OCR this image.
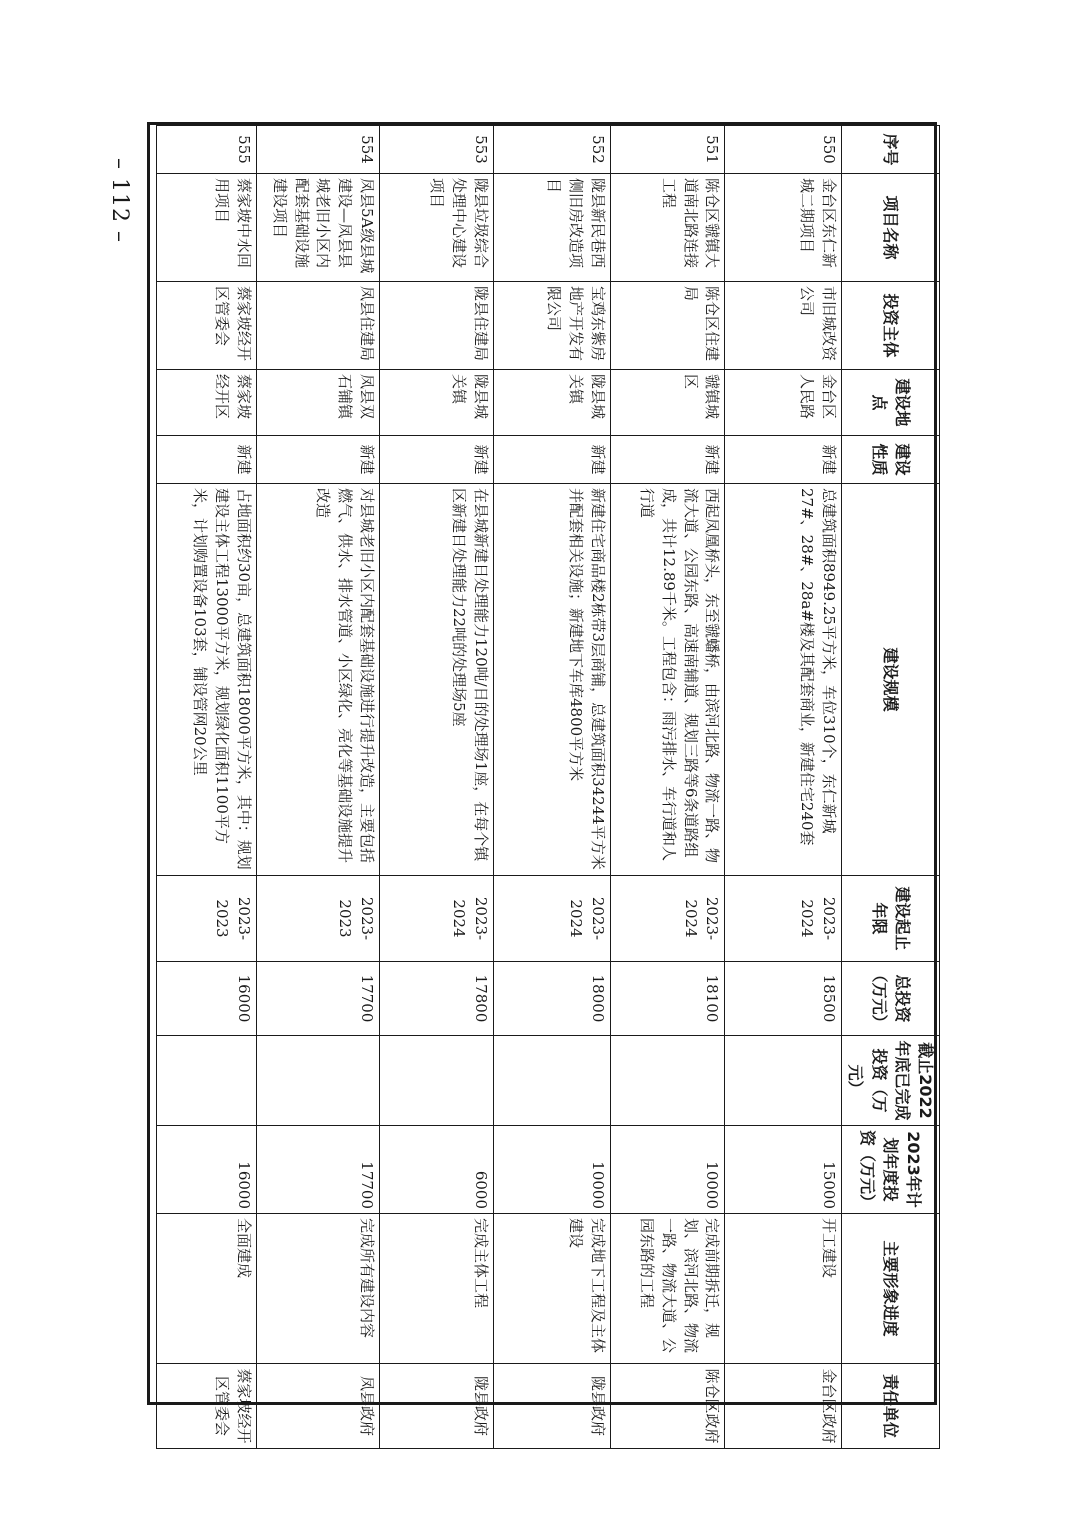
– 112 –
序号	项目名称	投资主体	建设地点	建设性质	建设规模	建设起止年限	总投资（万元）	截止2022年底已完成投资（万元）	2023年计划年度投资（万元）	主要形象进度	责任单位
550	金台区东仁新城二期项目	市旧城改资公司	金台区人民路	新建	总建筑面积8949.25平方米，车位310个，东仁新城27#、28#、28a#楼及其配套商业，新建住宅240套	2023-2024	18500		15000	开工建设	金台区政府
551	陈仓区虢镇大道南北路连接工程	陈仓区住建局	虢镇城区	新建	西起凤凰桥头，东至虢蟠桥，由滨河北路、物流一路、物流大道、公园东路、高速南辅道、规划三路等6条道路组成，共计12.89千米。工程包含：雨污排水、车行道和人行道	2023-2024	18100		10000	完成前期拆迁，规划、滨河北路、物流一路、物流大道、公园东路的工程	陈仓区政府
552	陇县新民巷西侧旧房改造项目	宝鸡东紫房地产开发有限公司	陇县城关镇	新建	新建住宅商品楼2栋带3层商铺，总建筑面积34244平方米并配套相关设施；新建地下车库4800平方米	2023-2024	18000		10000	完成地下工程及主体建设	陇县政府
553	陇县垃圾综合处理中心建设项目	陇县住建局	陇县城关镇	新建	在县城新建日处理能力120吨/日的处理场1座，在每个镇区新建日处理能力22吨的处理场5座	2023-2024	17800		6000	完成主体工程	陇县政府
554	凤县5A级县城建设—凤县县城老旧小区内配套基础设施建设项目	凤县住建局	凤县双石铺镇	新建	对县城老旧小区内配套基础设施进行提升改造，主要包括燃气、供水、排水管道、小区绿化、亮化等基础设施提升改造	2023-2023	17700		17700	完成所有建设内容	凤县政府
555	蔡家坡中水回用项目	蔡家坡经开区管委会	蔡家坡经开区	新建	占地面积约30亩，总建筑面积18000平方米，其中：规划建设主体工程13000平方米，规划绿化面积1100平方米，计划购置设备103套，铺设管网20公里	2023-2023	16000		16000	全面建成	蔡家坡经开区管委会
